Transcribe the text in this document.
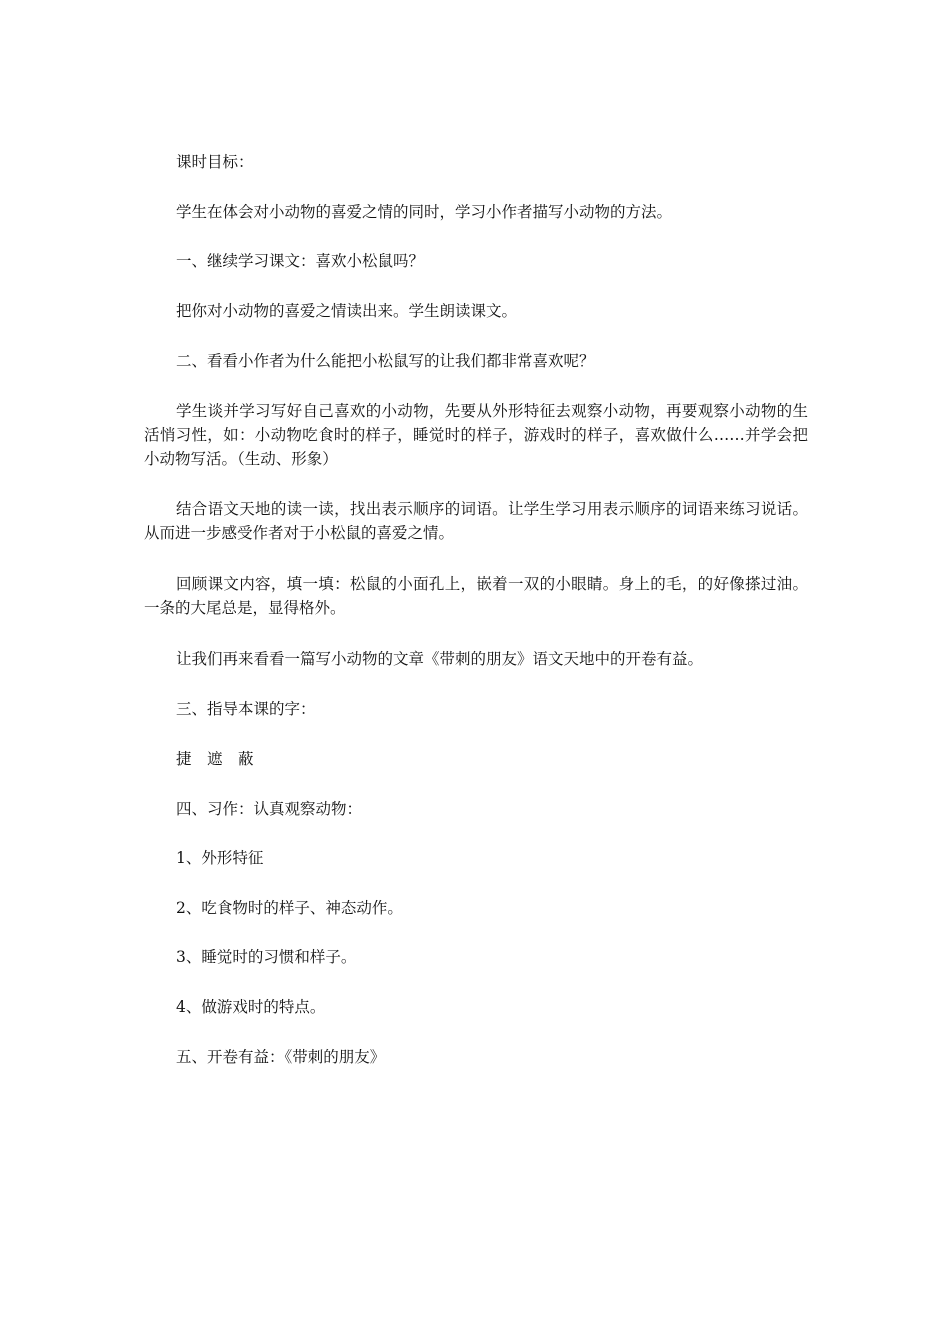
课时目标：

学生在体会对小动物的喜爱之情的同时，学习小作者描写小动物的方法。

一、继续学习课文：喜欢小松鼠吗？

把你对小动物的喜爱之情读出来。学生朗读课文。

二、看看小作者为什么能把小松鼠写的让我们都非常喜欢呢？

学生谈并学习写好自己喜欢的小动物，先要从外形特征去观察小动物，再要观察小动物的生活悄习性，如：小动物吃食时的样子，睡觉时的样子，游戏时的样子，喜欢做什么……并学会把小动物写活。（生动、形象）

结合语文天地的读一读，找出表示顺序的词语。让学生学习用表示顺序的词语来练习说话。从而进一步感受作者对于小松鼠的喜爱之情。

回顾课文内容，填一填：松鼠的小面孔上，嵌着一双的小眼睛。身上的毛，的好像搽过油。一条的大尾总是，显得格外。

让我们再来看看一篇写小动物的文章《带刺的朋友》语文天地中的开卷有益。

三、指导本课的字：

捷　遮　蔽

四、习作：认真观察动物：

1、外形特征

2、吃食物时的样子、神态动作。

3、睡觉时的习惯和样子。

4、做游戏时的特点。

五、开卷有益：《带刺的朋友》
